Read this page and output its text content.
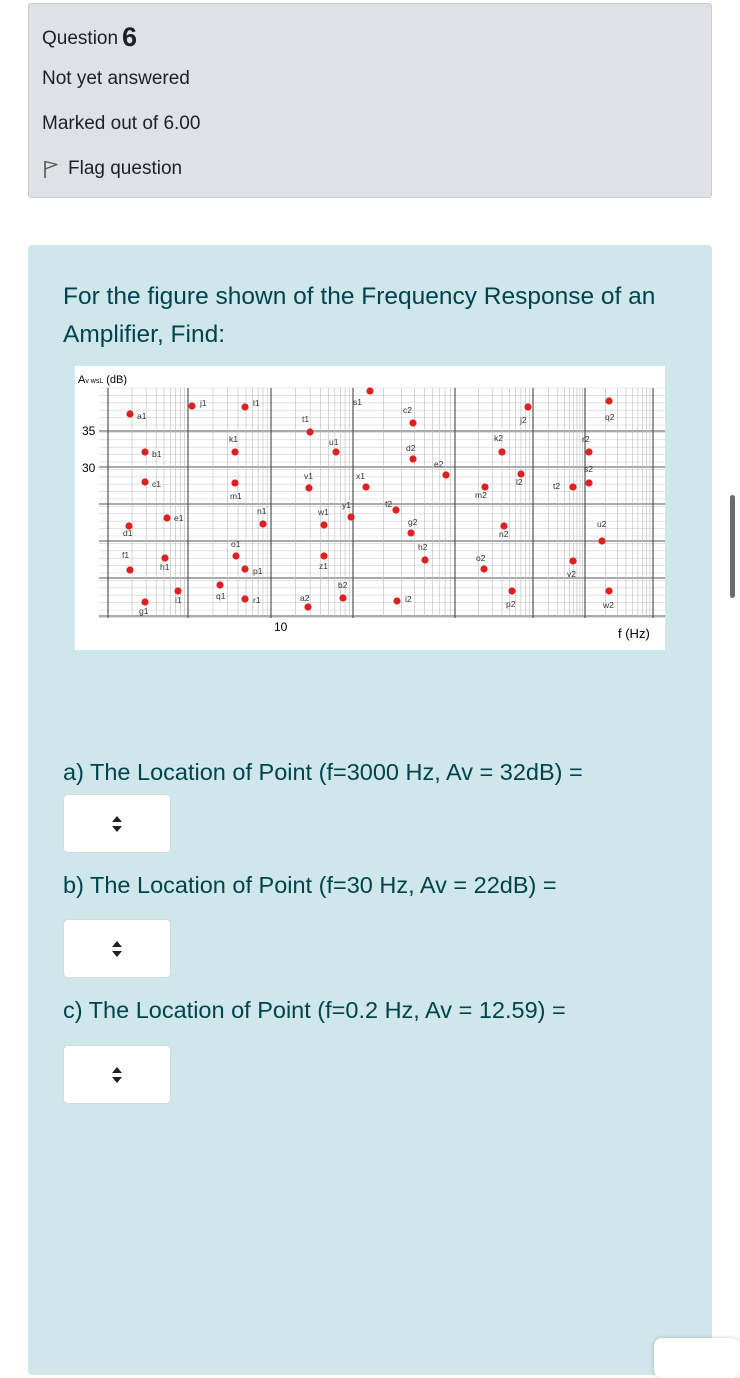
Question 6
Not yet answered
Marked out of 6.00
Flag question
For the figure shown of the Frequency Response of an Amplifier, Find:
Av wsL (dB)
35
30
10	f (Hz)
a1
b1
c1
d1
e1
f1
g1
h1
i1
j1
k1
l1
m1
n1
o1
p1
q1	r1
s1
t1
u1
v1
w1
x1
y1
z1
a2
b2
c2
d2
e2
f2
g2
h2
i2
j2
k2
l2
m2
n2
o2
p2
q2
r2
s2
t2
u2
v2
w2
a) The Location of Point (f=3000 Hz, Av = 32dB) =
b) The Location of Point (f=30 Hz, Av = 22dB) =
c) The Location of Point (f=0.2 Hz, Av = 12.59) =
